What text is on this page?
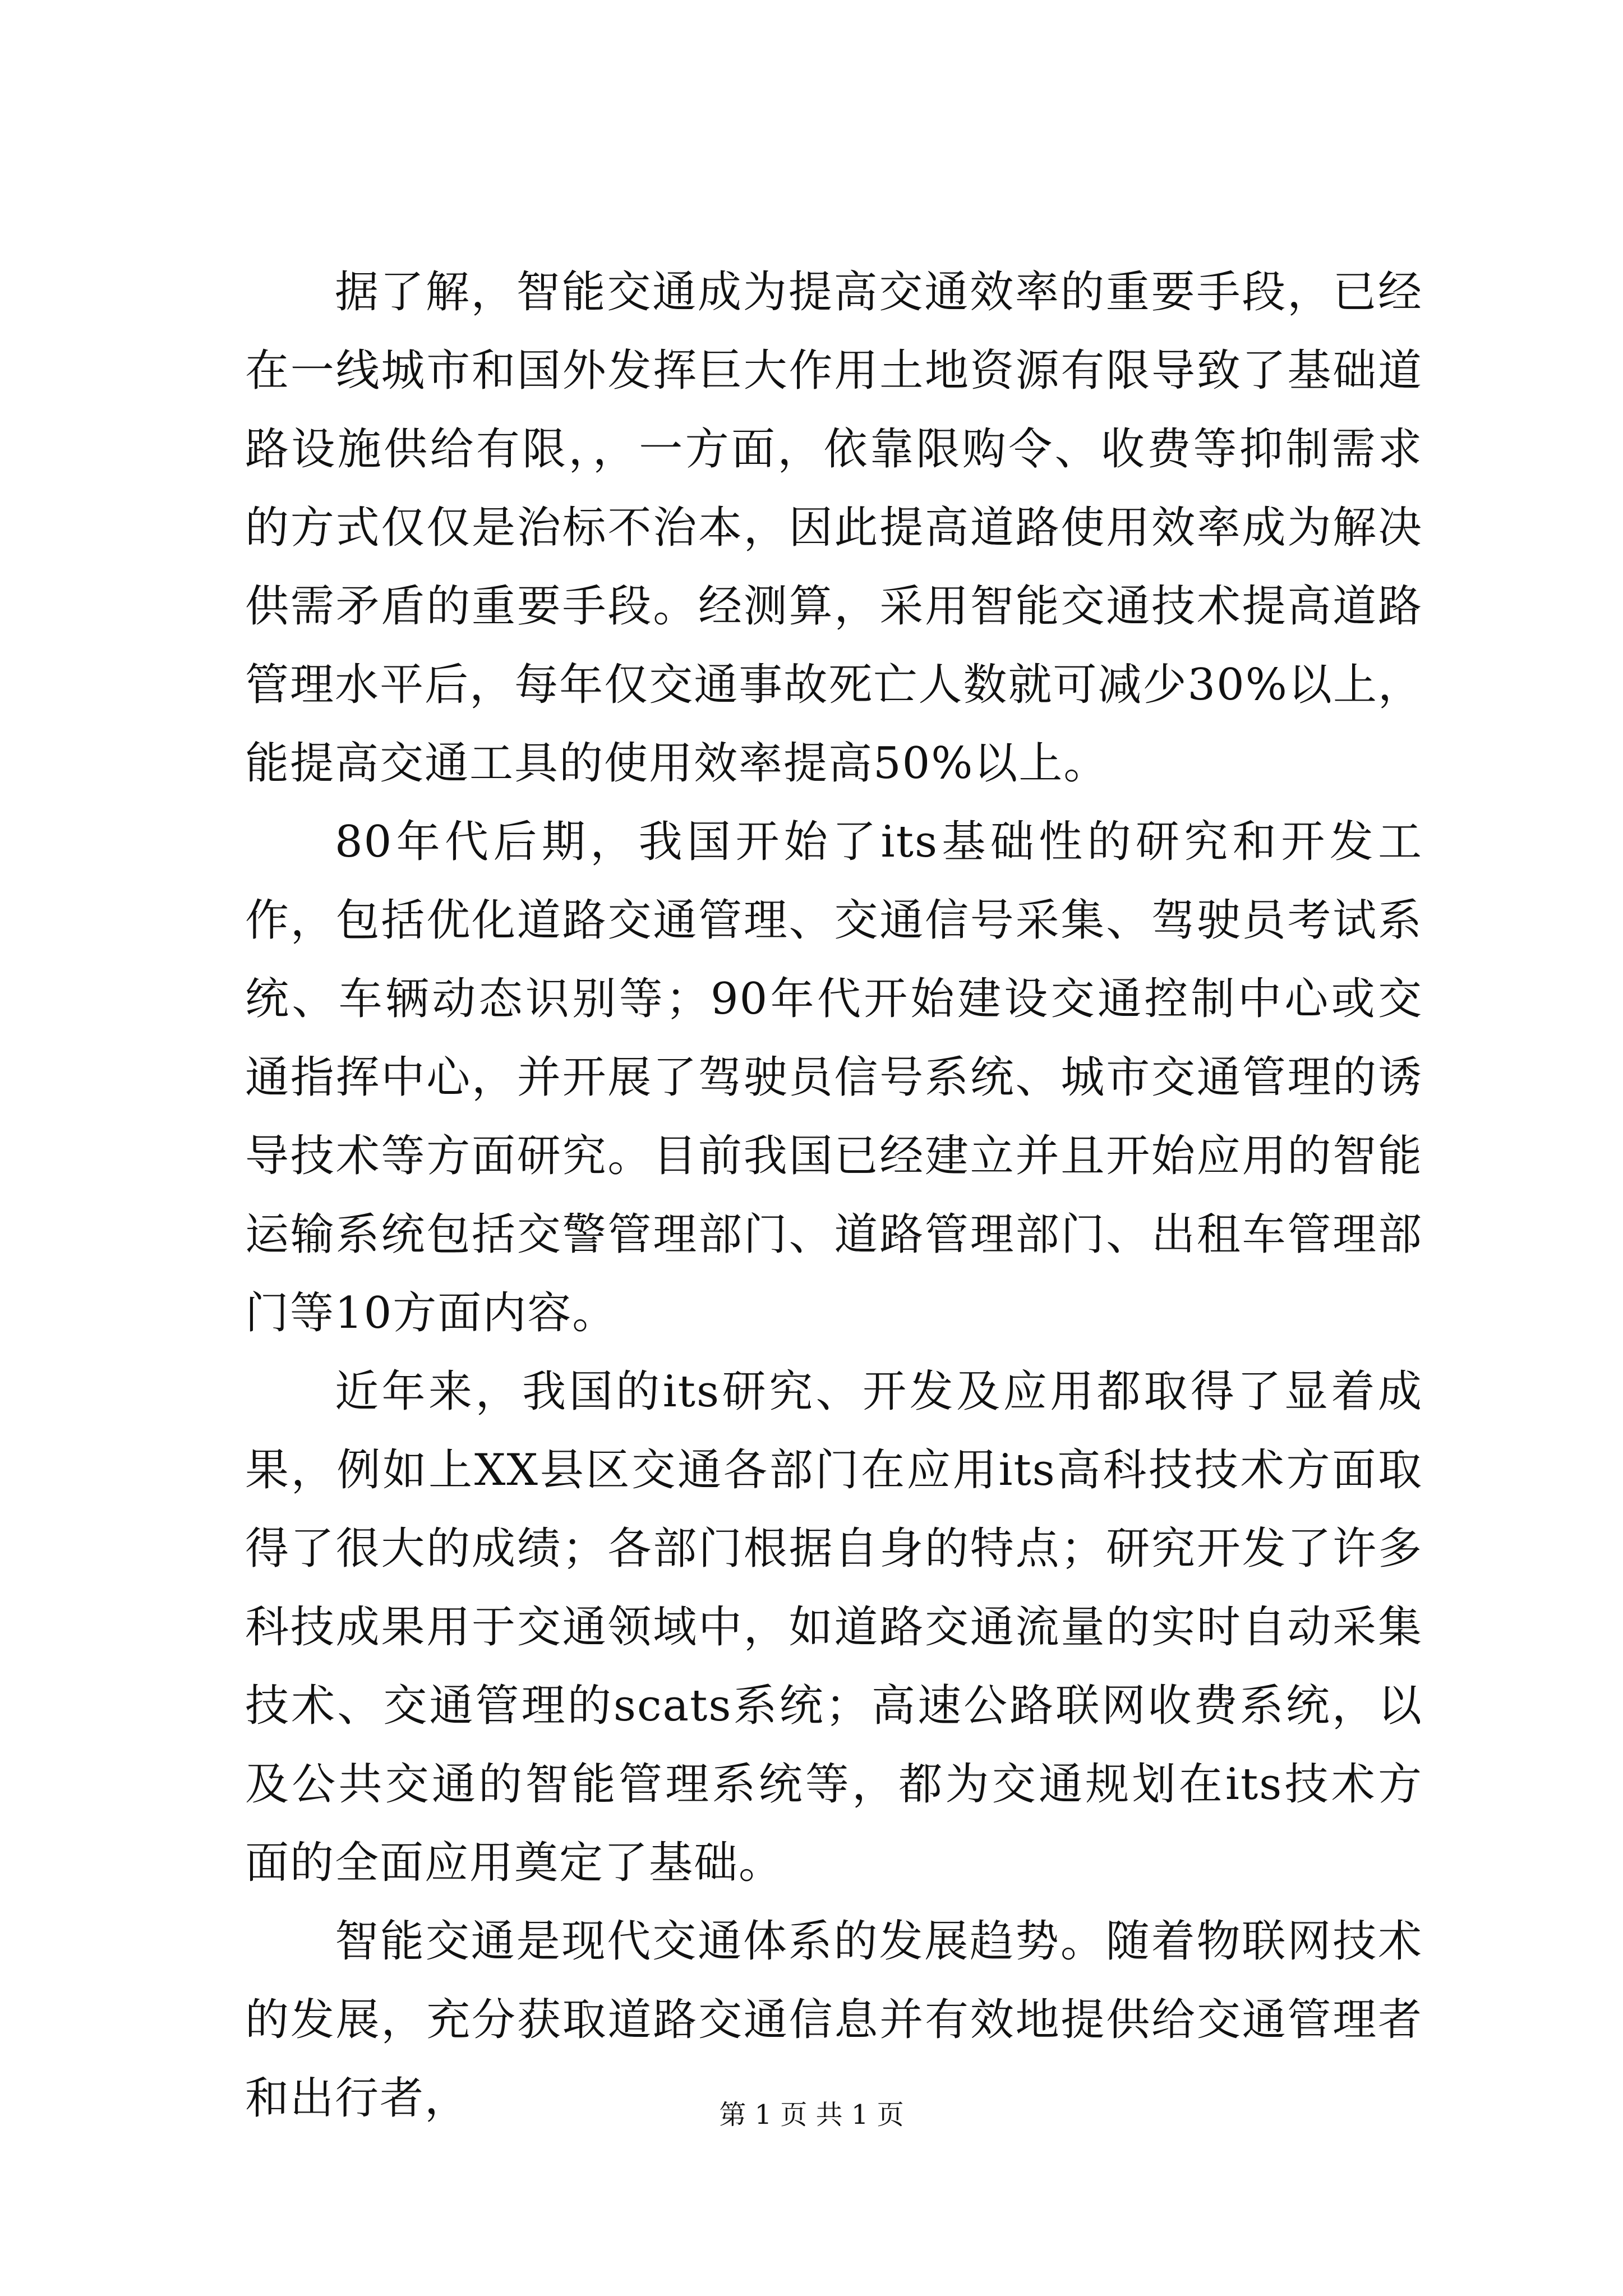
据了解，智能交通成为提高交通效率的重要手段，已经在一线城市和国外发挥巨大作用土地资源有限导致了基础道路设施供给有限，，一方面，依靠限购令、收费等抑制需求的方式仅仅是治标不治本，因此提高道路使用效率成为解决供需矛盾的重要手段。经测算，采用智能交通技术提高道路管理水平后，每年仅交通事故死亡人数就可减少30%以上，能提高交通工具的使用效率提高50%以上。

80年代后期，我国开始了its基础性的研究和开发工作，包括优化道路交通管理、交通信号采集、驾驶员考试系统、车辆动态识别等；90年代开始建设交通控制中心或交通指挥中心，并开展了驾驶员信号系统、城市交通管理的诱导技术等方面研究。目前我国已经建立并且开始应用的智能运输系统包括交警管理部门、道路管理部门、出租车管理部门等10方面内容。

近年来，我国的its研究、开发及应用都取得了显着成果，例如上XX县区交通各部门在应用its高科技技术方面取得了很大的成绩；各部门根据自身的特点；研究开发了许多科技成果用于交通领域中，如道路交通流量的实时自动采集技术、交通管理的scats系统；高速公路联网收费系统，以及公共交通的智能管理系统等，都为交通规划在its技术方面的全面应用奠定了基础。

智能交通是现代交通体系的发展趋势。随着物联网技术的发展，充分获取道路交通信息并有效地提供给交通管理者和出行者，	第 1 页 共 1 页
